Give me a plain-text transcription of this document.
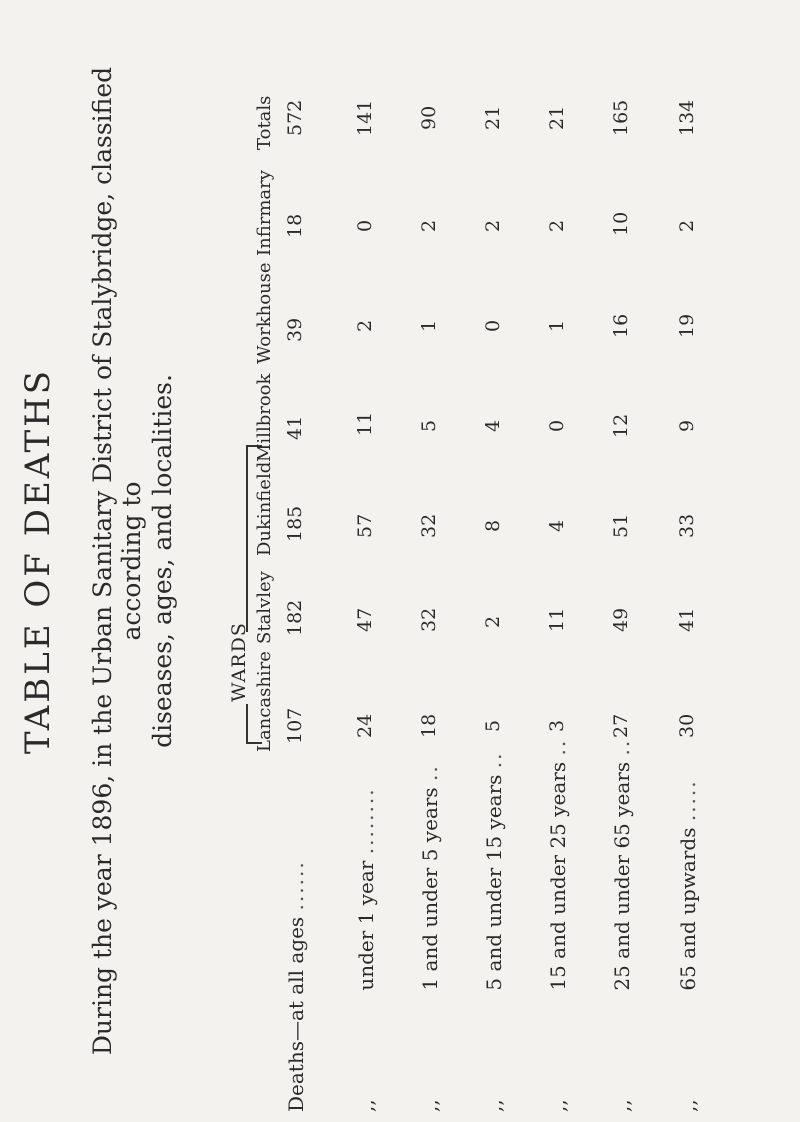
TABLE OF DEATHS During the year 1896, in the Urban Sanitary District of Stalybridge, classified according to diseases, ages, and localities.	WARDS Lancashire
Stalvley
Dukinfield
Millbrook
Workhouse
Infirmary
Totals
Deaths—at all ages ......
107
182
185
41
39
18
572
,, under 1 year ........
24
47
57
11
2
0
141
,, 1 and under 5 years ..
18
32
32
5
1
2
90
,, 5 and under 15 years ..
5
2
8
4
0
2
21
,, 15 and under 25 years ..
3
11
4
0
1
2
21
,, 25 and under 65 years ..
27
49
51
12
16
10
165
,, 65 and upwards .....
30
41
33
9
19
2
134
